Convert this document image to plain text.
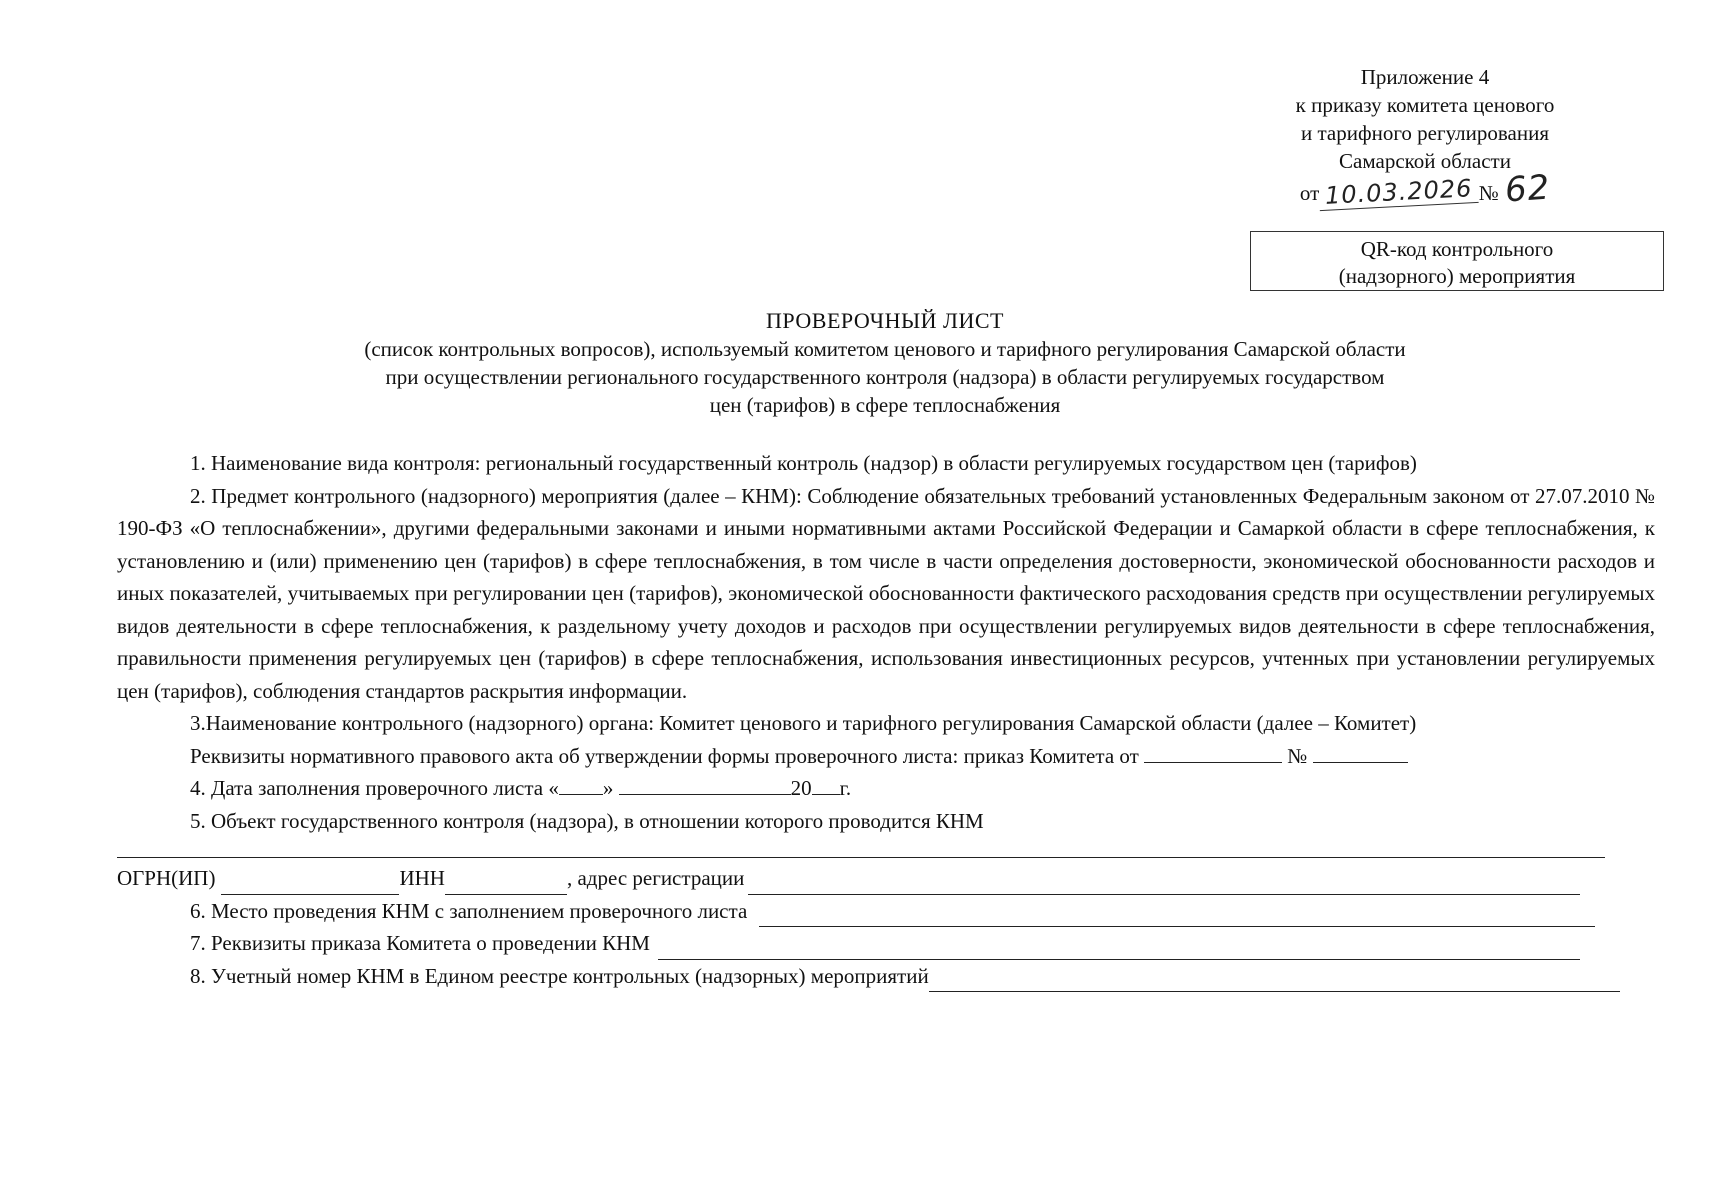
Приложение 4
к приказу комитета ценового
и тарифного регулирования
Самарской области
от 10.03.2026 № 62
QR-код контрольного
(надзорного) мероприятия
ПРОВЕРОЧНЫЙ ЛИСТ
(список контрольных вопросов), используемый комитетом ценового и тарифного регулирования Самарской области
при осуществлении регионального государственного контроля (надзора) в области регулируемых государством
цен (тарифов) в сфере теплоснабжения

1. Наименование вида контроля: региональный государственный контроль (надзор) в области регулируемых государством цен (тарифов)

2. Предмет контрольного (надзорного) мероприятия (далее – КНМ): Соблюдение обязательных требований установленных Федеральным законом от 27.07.2010 № 190-ФЗ «О теплоснабжении», другими федеральными законами и иными нормативными актами Российской Федерации и Самаркой области в сфере теплоснабжения, к установлению и (или) применению цен (тарифов) в сфере теплоснабжения, в том числе в части определения достоверности, экономической обоснованности расходов и иных показателей, учитываемых при регулировании цен (тарифов), экономической обоснованности фактического расходования средств при осуществлении регулируемых видов деятельности в сфере теплоснабжения, к раздельному учету доходов и расходов при осуществлении регулируемых видов деятельности в сфере теплоснабжения, правильности применения регулируемых цен (тарифов) в сфере теплоснабжения, использования инвестиционных ресурсов, учтенных при установлении регулируемых цен (тарифов), соблюдения стандартов раскрытия информации.

3.Наименование контрольного (надзорного) органа: Комитет ценового и тарифного регулирования Самарской области (далее – Комитет)

Реквизиты нормативного правового акта об утверждении формы проверочного листа: приказ Комитета от	№

4. Дата заполнения проверочного листа « »	20 г.

5. Объект государственного контроля (надзора), в отношении которого проводится КНМ

ОГРН(ИП)	ИНН	, адрес регистрации
6. Место проведения КНМ с заполнением проверочного листа
7. Реквизиты приказа Комитета о проведении КНМ
8. Учетный номер КНМ в Едином реестре контрольных (надзорных) мероприятий
